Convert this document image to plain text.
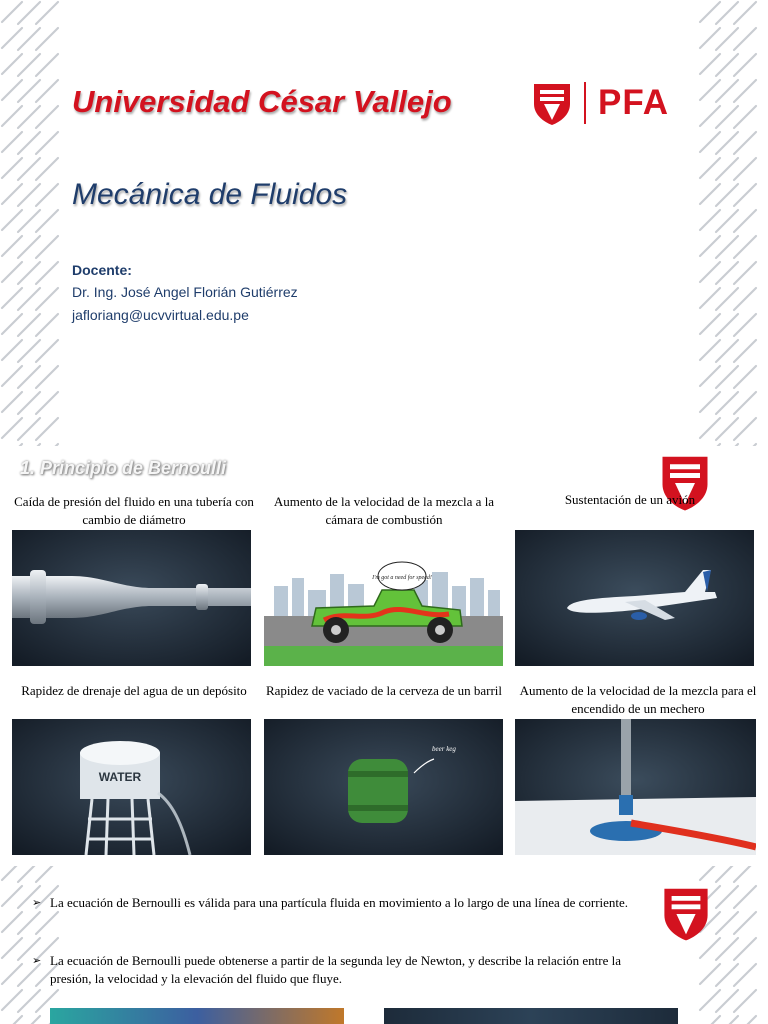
Universidad César Vallejo	PFA
Mecánica de Fluidos
Docente:
Dr. Ing. José Angel Florián Gutiérrez
jafloriang@ucvvirtual.edu.pe
1. Principio de Bernoulli
Caída de presión del fluido en una tubería con cambio de diámetro
Aumento de la velocidad de la mezcla a la cámara de combustión
Sustentación de un avión
I'm got a need for speed!
Rapidez de drenaje del agua de un depósito	Rapidez de vaciado de la cerveza de un barril Aumento de la velocidad de la mezcla para el encendido de un mechero
WATER
beer keg
➢ La ecuación de Bernoulli es válida para una partícula fluida en movimiento a lo largo de una línea de corriente.
➢ La ecuación de Bernoulli puede obtenerse a partir de la segunda ley de Newton, y describe la relación entre la presión, la velocidad y la elevación del fluido que fluye.
